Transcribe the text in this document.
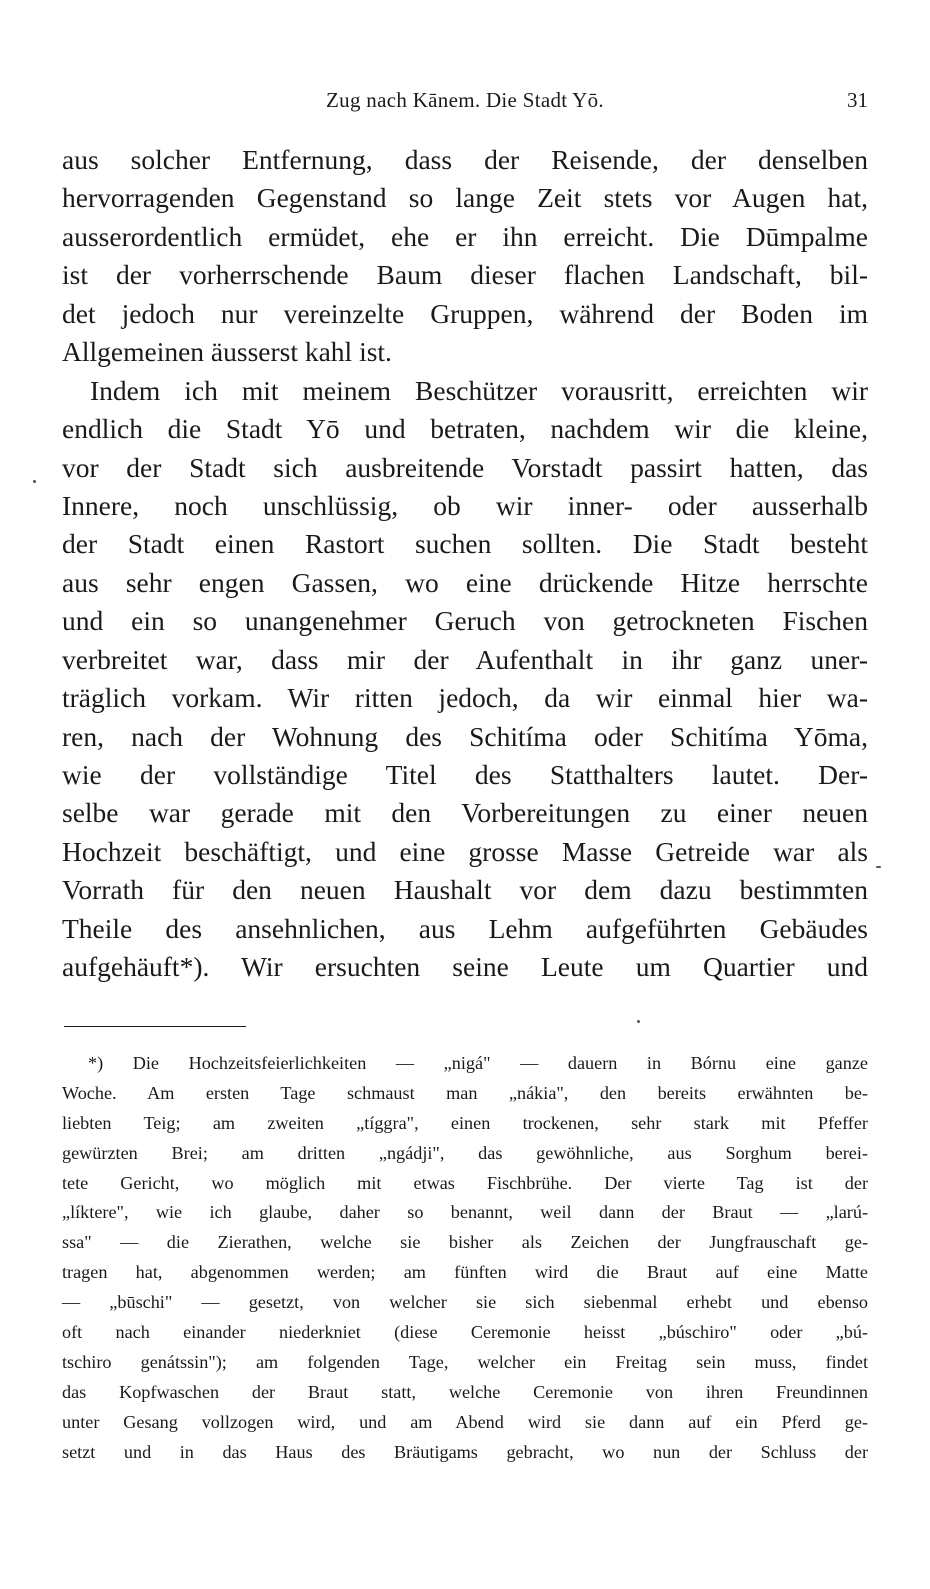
Zug nach Kānem. Die Stadt Yō.	31
aus solcher Entfernung, dass der Reisende, der denselben
hervorragenden Gegenstand so lange Zeit stets vor Augen hat,
ausserordentlich ermüdet, ehe er ihn erreicht. Die Dūmpalme
ist der vorherrschende Baum dieser flachen Landschaft, bil-
det jedoch nur vereinzelte Gruppen, während der Boden im
Allgemeinen äusserst kahl ist.
Indem ich mit meinem Beschützer vorausritt, erreichten wir
endlich die Stadt Yō und betraten, nachdem wir die kleine,
vor der Stadt sich ausbreitende Vorstadt passirt hatten, das
Innere, noch unschlüssig, ob wir inner- oder ausserhalb
der Stadt einen Rastort suchen sollten. Die Stadt besteht
aus sehr engen Gassen, wo eine drückende Hitze herrschte
und ein so unangenehmer Geruch von getrockneten Fischen
verbreitet war, dass mir der Aufenthalt in ihr ganz uner-
träglich vorkam. Wir ritten jedoch, da wir einmal hier wa-
ren, nach der Wohnung des Schitíma oder Schitíma Yōma,
wie der vollständige Titel des Statthalters lautet. Der-
selbe war gerade mit den Vorbereitungen zu einer neuen
Hochzeit beschäftigt, und eine grosse Masse Getreide war als
Vorrath für den neuen Haushalt vor dem dazu bestimmten
Theile des ansehnlichen, aus Lehm aufgeführten Gebäudes
aufgehäuft*). Wir ersuchten seine Leute um Quartier und
*) Die Hochzeitsfeierlichkeiten — „nigá" — dauern in Bórnu eine ganze
Woche. Am ersten Tage schmaust man „nákia", den bereits erwähnten be-
liebten Teig; am zweiten „tíggra", einen trockenen, sehr stark mit Pfeffer
gewürzten Brei; am dritten „ngádji", das gewöhnliche, aus Sorghum berei-
tete Gericht, wo möglich mit etwas Fischbrühe. Der vierte Tag ist der
„líktere", wie ich glaube, daher so benannt, weil dann der Braut — „larú-
ssa" — die Zierathen, welche sie bisher als Zeichen der Jungfrauschaft ge-
tragen hat, abgenommen werden; am fünften wird die Braut auf eine Matte
— „būschi" — gesetzt, von welcher sie sich siebenmal erhebt und ebenso
oft nach einander niederkniet (diese Ceremonie heisst „búschiro" oder „bú-
tschiro genátssin"); am folgenden Tage, welcher ein Freitag sein muss, findet
das Kopfwaschen der Braut statt, welche Ceremonie von ihren Freundinnen
unter Gesang vollzogen wird, und am Abend wird sie dann auf ein Pferd ge-
setzt und in das Haus des Bräutigams gebracht, wo nun der Schluss der
